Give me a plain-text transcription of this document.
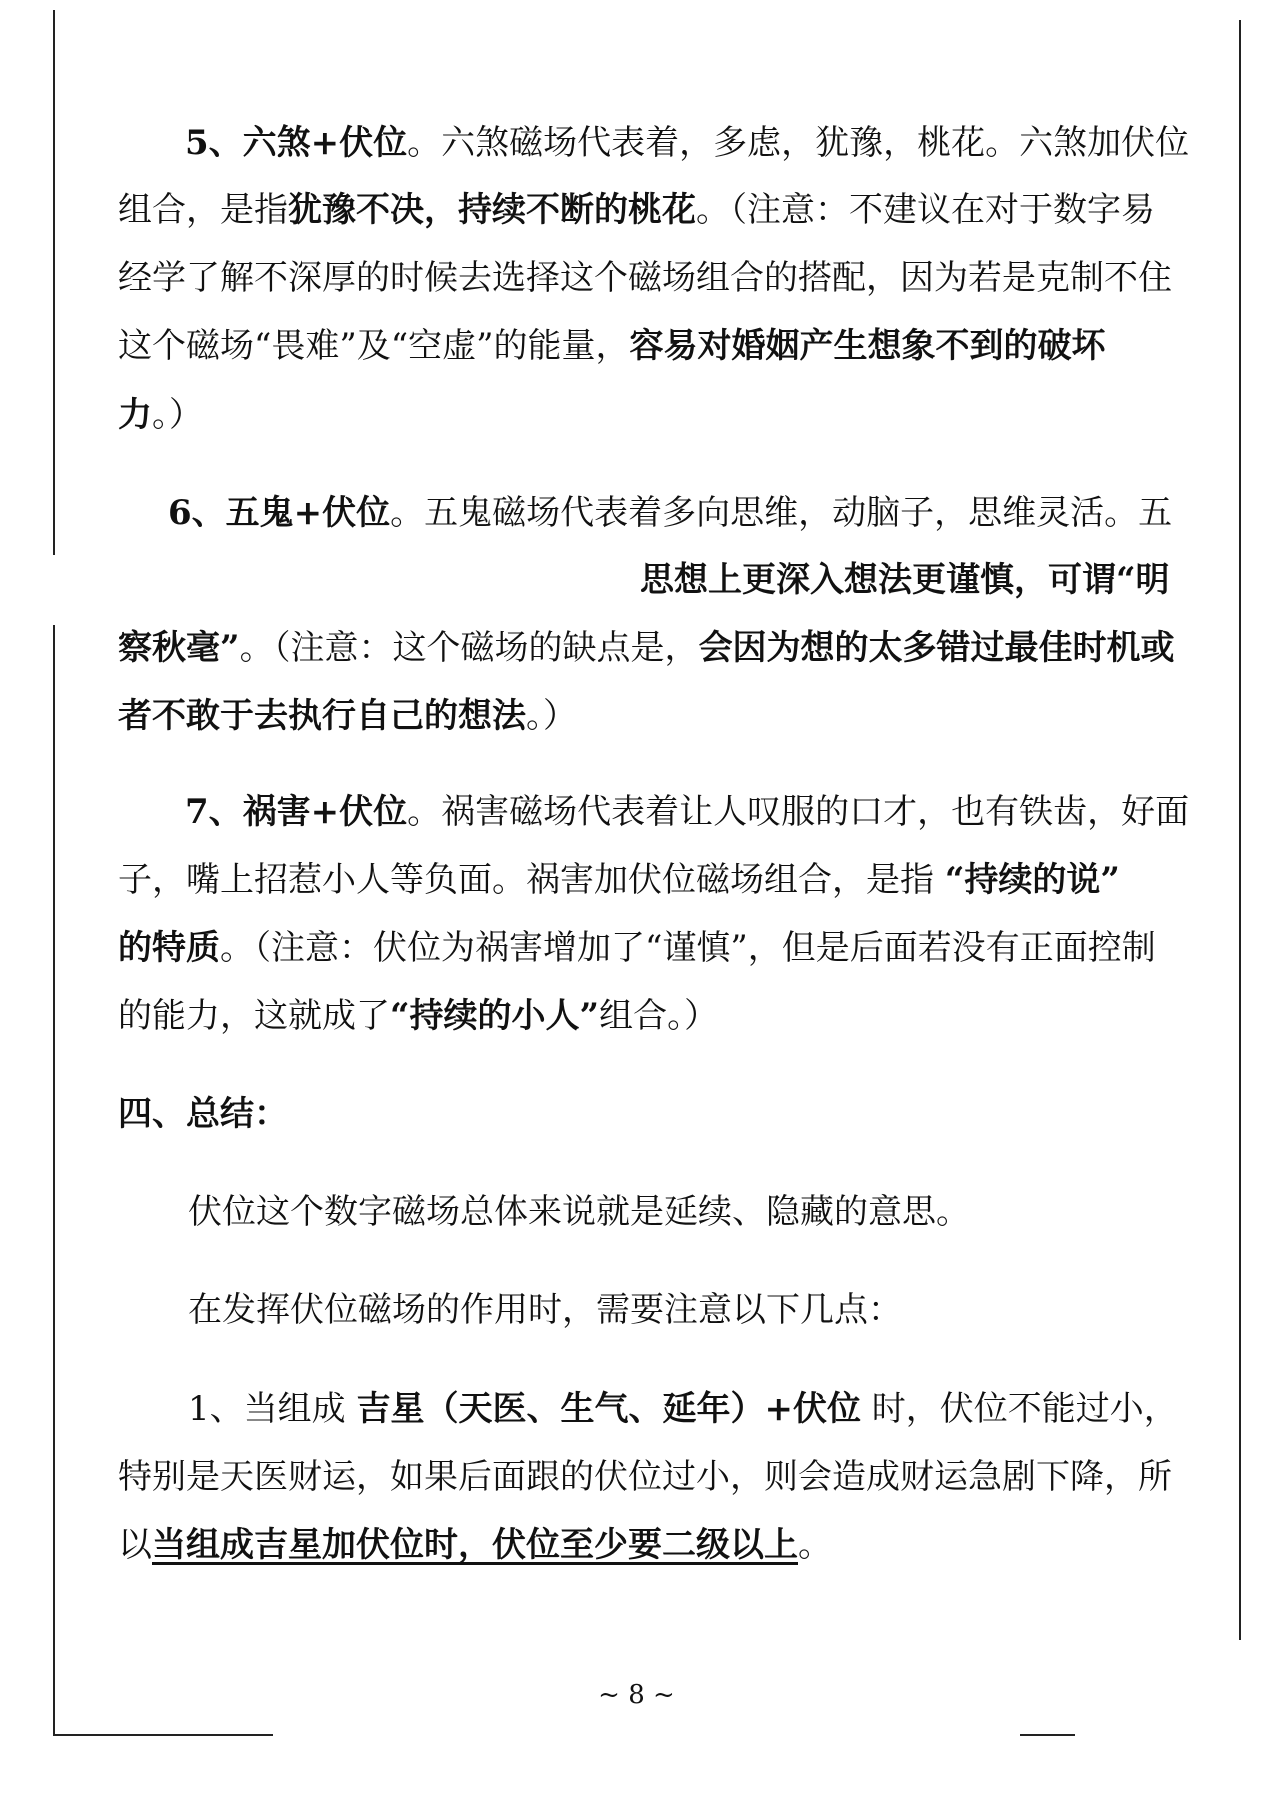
5、六煞+伏位。六煞磁场代表着，多虑，犹豫，桃花。六煞加伏位
组合，是指犹豫不决，持续不断的桃花。（注意：不建议在对于数字易
经学了解不深厚的时候去选择这个磁场组合的搭配，因为若是克制不住
这个磁场“畏难”及“空虚”的能量，容易对婚姻产生想象不到的破坏
力。）
6、五鬼+伏位。五鬼磁场代表着多向思维，动脑子，思维灵活。五
思想上更深入想法更谨慎，可谓“明
察秋毫”。（注意：这个磁场的缺点是，会因为想的太多错过最佳时机或
者不敢于去执行自己的想法。）
7、祸害+伏位。祸害磁场代表着让人叹服的口才，也有铁齿，好面
子，嘴上招惹小人等负面。祸害加伏位磁场组合，是指 “持续的说”
的特质。（注意：伏位为祸害增加了“谨慎”，但是后面若没有正面控制
的能力，这就成了“持续的小人”组合。）
四、总结：
伏位这个数字磁场总体来说就是延续、隐藏的意思。
在发挥伏位磁场的作用时，需要注意以下几点：
1、当组成 吉星（天医、生气、延年）+伏位 时，伏位不能过小，
特别是天医财运，如果后面跟的伏位过小，则会造成财运急剧下降，所
以当组成吉星加伏位时，伏位至少要二级以上。
~ 8 ~
